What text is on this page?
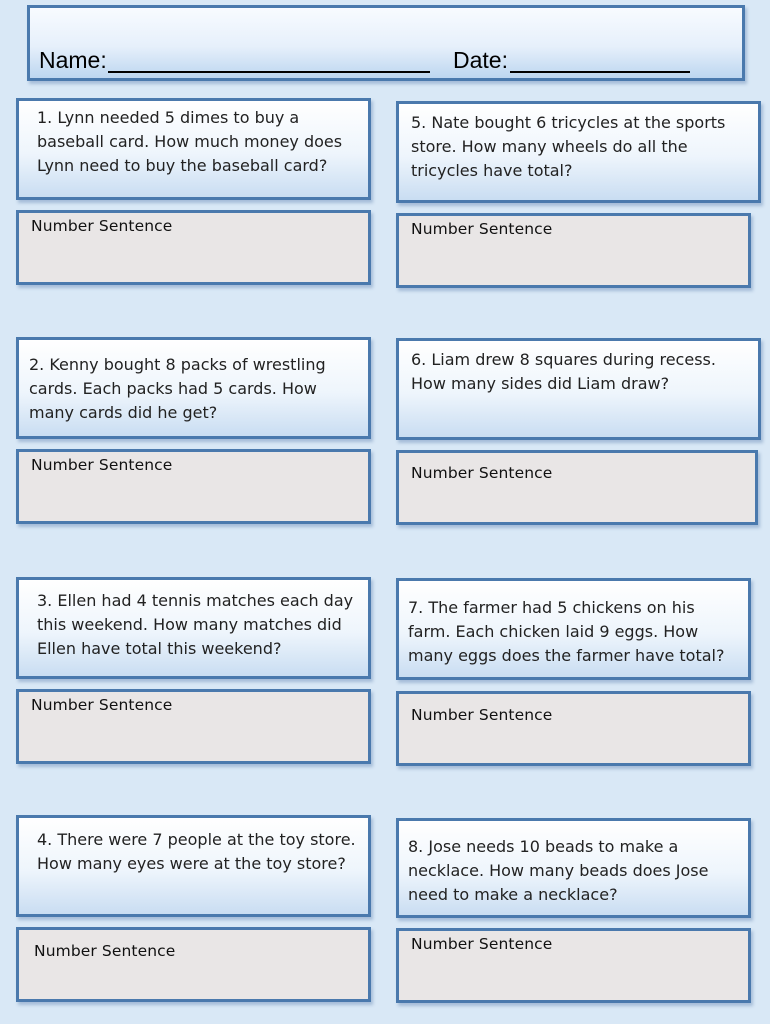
Name:	Date:

1. Lynn needed 5 dimes to buy a baseball card. How much money does Lynn need to buy the baseball card?

Number Sentence

2. Kenny bought 8 packs of wrestling cards. Each packs had 5 cards. How many cards did he get?

Number Sentence

3. Ellen had 4 tennis matches each day this weekend. How many matches did Ellen have total this weekend?

Number Sentence

4. There were 7 people at the toy store. How many eyes were at the toy store?

Number Sentence

5. Nate bought 6 tricycles at the sports store. How many wheels do all the tricycles have total?

Number Sentence

6. Liam drew 8 squares during recess. How many sides did Liam draw?

Number Sentence

7. The farmer had 5 chickens on his farm. Each chicken laid 9 eggs. How many eggs does the farmer have total?

Number Sentence

8. Jose needs 10 beads to make a necklace. How many beads does Jose need to make a necklace?

Number Sentence
